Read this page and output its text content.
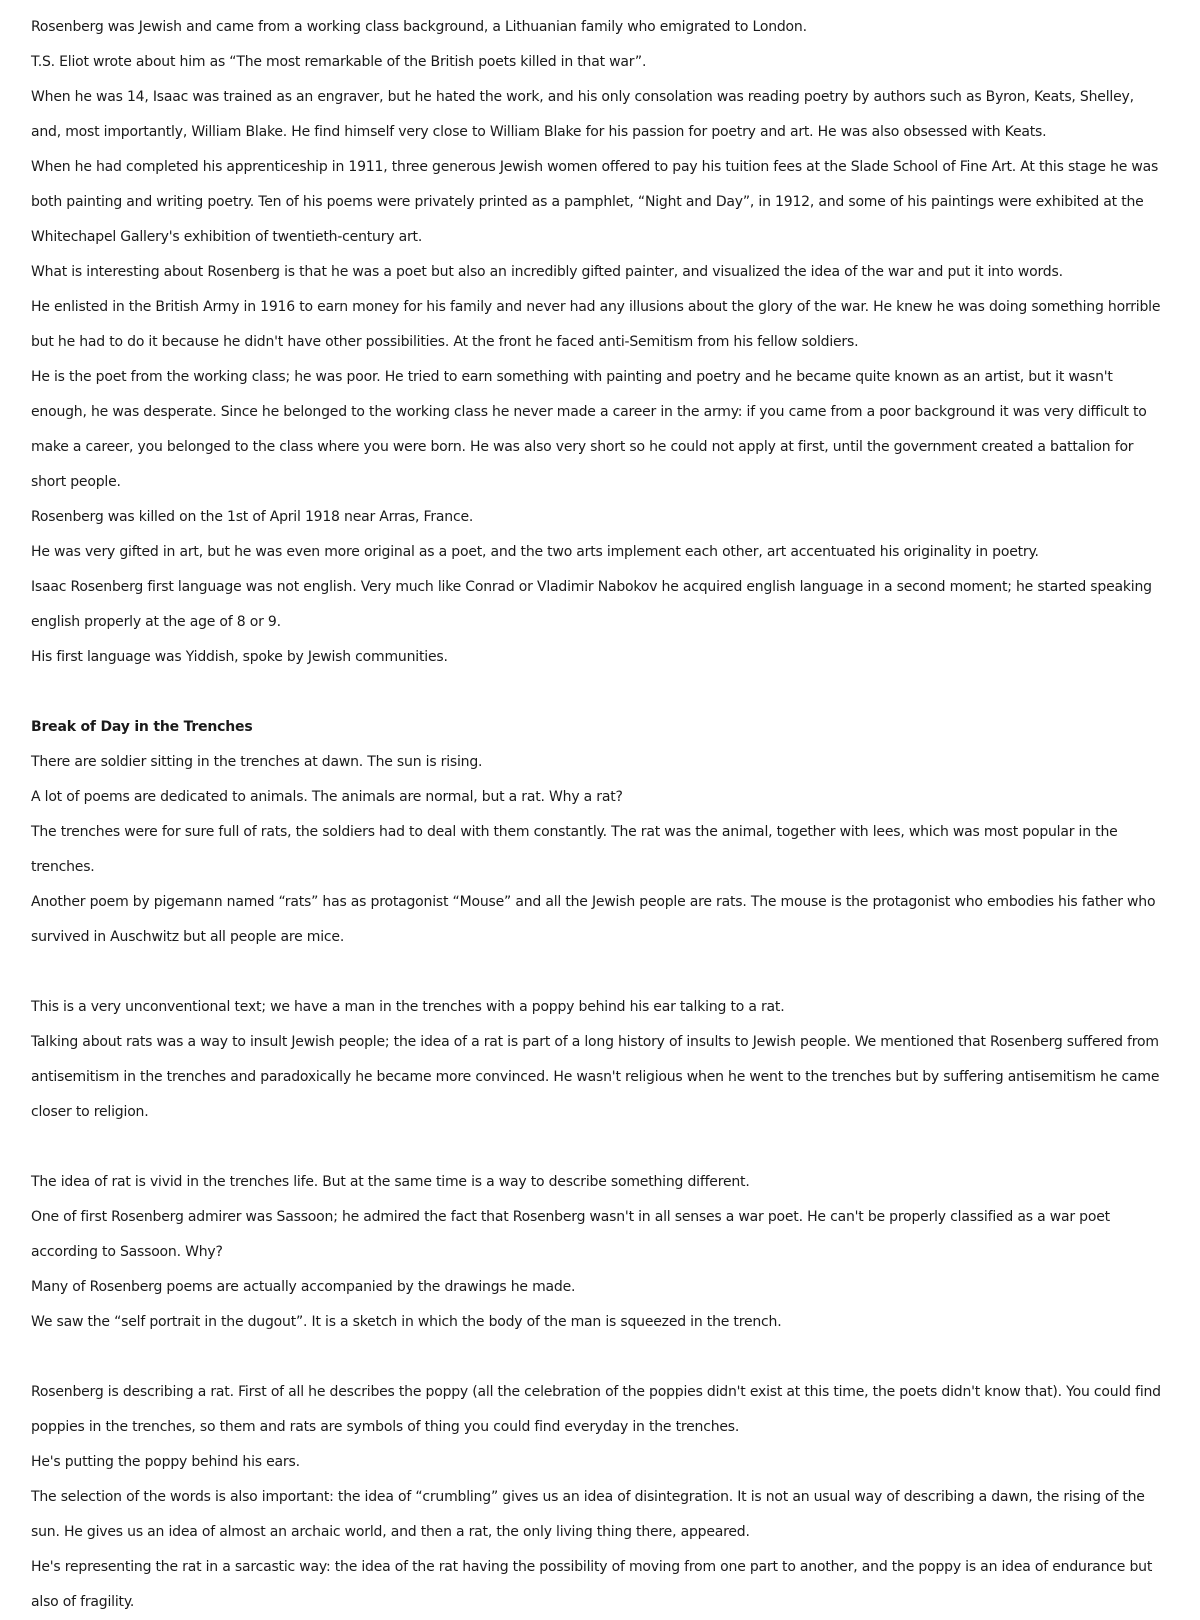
Rosenberg was Jewish and came from a working class background, a Lithuanian family who emigrated to London.

T.S. Eliot wrote about him as “The most remarkable of the British poets killed in that war”.

When he was 14, Isaac was trained as an engraver, but he hated the work, and his only consolation was reading poetry by authors such as Byron, Keats, Shelley, and, most importantly, William Blake. He find himself very close to William Blake for his passion for poetry and art. He was also obsessed with Keats.

When he had completed his apprenticeship in 1911, three generous Jewish women offered to pay his tuition fees at the Slade School of Fine Art. At this stage he was both painting and writing poetry. Ten of his poems were privately printed as a pamphlet, “Night and Day”, in 1912, and some of his paintings were exhibited at the Whitechapel Gallery's exhibition of twentieth-century art.

What is interesting about Rosenberg is that he was a poet but also an incredibly gifted painter, and visualized the idea of the war and put it into words.

He enlisted in the British Army in 1916 to earn money for his family and never had any illusions about the glory of the war. He knew he was doing something horrible but he had to do it because he didn't have other possibilities. At the front he faced anti-Semitism from his fellow soldiers.

He is the poet from the working class; he was poor. He tried to earn something with painting and poetry and he became quite known as an artist, but it wasn't enough, he was desperate. Since he belonged to the working class he never made a career in the army: if you came from a poor background it was very difficult to make a career, you belonged to the class where you were born. He was also very short so he could not apply at first, until the government created a battalion for short people.

Rosenberg was killed on the 1st of April 1918 near Arras, France.

He was very gifted in art, but he was even more original as a poet, and the two arts implement each other, art accentuated his originality in poetry.

Isaac Rosenberg first language was not english. Very much like Conrad or Vladimir Nabokov he acquired english language in a second moment; he started speaking english properly at the age of 8 or 9.

His first language was Yiddish, spoke by Jewish communities.

Break of Day in the Trenches

There are soldier sitting in the trenches at dawn. The sun is rising.

A lot of poems are dedicated to animals. The animals are normal, but a rat. Why a rat?

The trenches were for sure full of rats, the soldiers had to deal with them constantly. The rat was the animal, together with lees, which was most popular in the trenches.

Another poem by pigemann named “rats” has as protagonist “Mouse” and all the Jewish people are rats. The mouse is the protagonist who embodies his father who survived in Auschwitz but all people are mice.

This is a very unconventional text; we have a man in the trenches with a poppy behind his ear talking to a rat.

Talking about rats was a way to insult Jewish people; the idea of a rat is part of a long history of insults to Jewish people. We mentioned that Rosenberg suffered from antisemitism in the trenches and paradoxically he became more convinced. He wasn't religious when he went to the trenches but by suffering antisemitism he came closer to religion.

The idea of rat is vivid in the trenches life. But at the same time is a way to describe something different.

One of first Rosenberg admirer was Sassoon; he admired the fact that Rosenberg wasn't in all senses a war poet. He can't be properly classified as a war poet according to Sassoon. Why?

Many of Rosenberg poems are actually accompanied by the drawings he made.

We saw the “self portrait in the dugout”. It is a sketch in which the body of the man is squeezed in the trench.

Rosenberg is describing a rat. First of all he describes the poppy (all the celebration of the poppies didn't exist at this time, the poets didn't know that). You could find poppies in the trenches, so them and rats are symbols of thing you could find everyday in the trenches.

He's putting the poppy behind his ears.

The selection of the words is also important: the idea of “crumbling” gives us an idea of disintegration. It is not an usual way of describing a dawn, the rising of the sun. He gives us an idea of almost an archaic world, and then a rat, the only living thing there, appeared.

He's representing the rat in a sarcastic way: the idea of the rat having the possibility of moving from one part to another, and the poppy is an idea of endurance but also of fragility.
